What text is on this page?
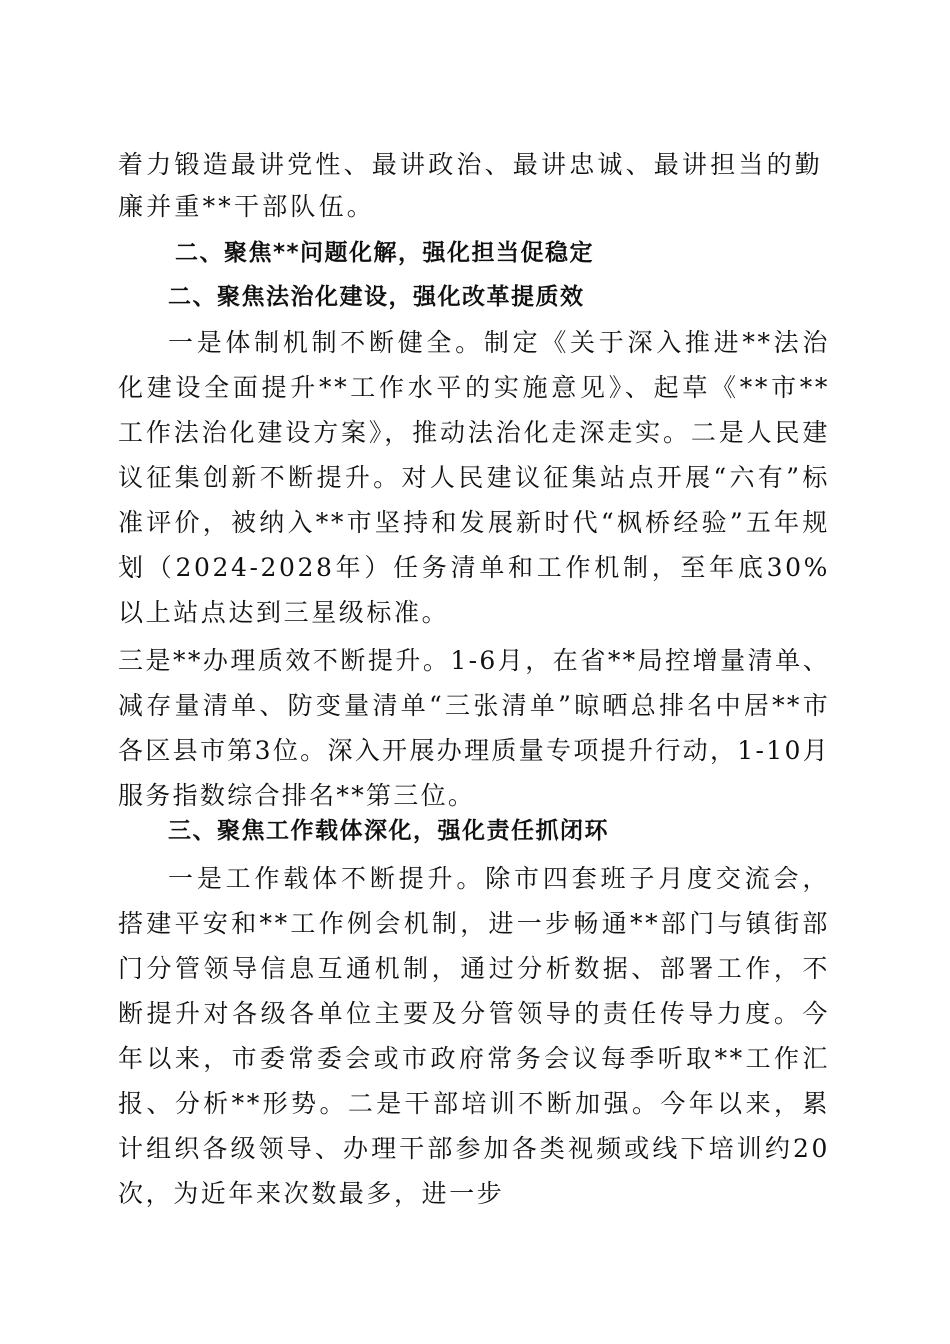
着力锻造最讲党性、最讲政治、最讲忠诚、最讲担当的勤廉并重**干部队伍。
二、聚焦**问题化解，强化担当促稳定
二、聚焦法治化建设，强化改革提质效
一是体制机制不断健全。制定《关于深入推进**法治化建设全面提升**工作水平的实施意见》、起草《**市**工作法治化建设方案》，推动法治化走深走实。二是人民建议征集创新不断提升。对人民建议征集站点开展“六有”标准评价，被纳入**市坚持和发展新时代“枫桥经验”五年规划（2024-2028年）任务清单和工作机制，至年底30%以上站点达到三星级标准。
三是**办理质效不断提升。1-6月，在省**局控增量清单、减存量清单、防变量清单“三张清单”晾晒总排名中居**市各区县市第3位。深入开展办理质量专项提升行动，1-10月服务指数综合排名**第三位。
三、聚焦工作载体深化，强化责任抓闭环
一是工作载体不断提升。除市四套班子月度交流会，搭建平安和**工作例会机制，进一步畅通**部门与镇街部门分管领导信息互通机制，通过分析数据、部署工作，不断提升对各级各单位主要及分管领导的责任传导力度。今年以来，市委常委会或市政府常务会议每季听取**工作汇报、分析**形势。二是干部培训不断加强。今年以来，累计组织各级领导、办理干部参加各类视频或线下培训约20次，为近年来次数最多，进一步
